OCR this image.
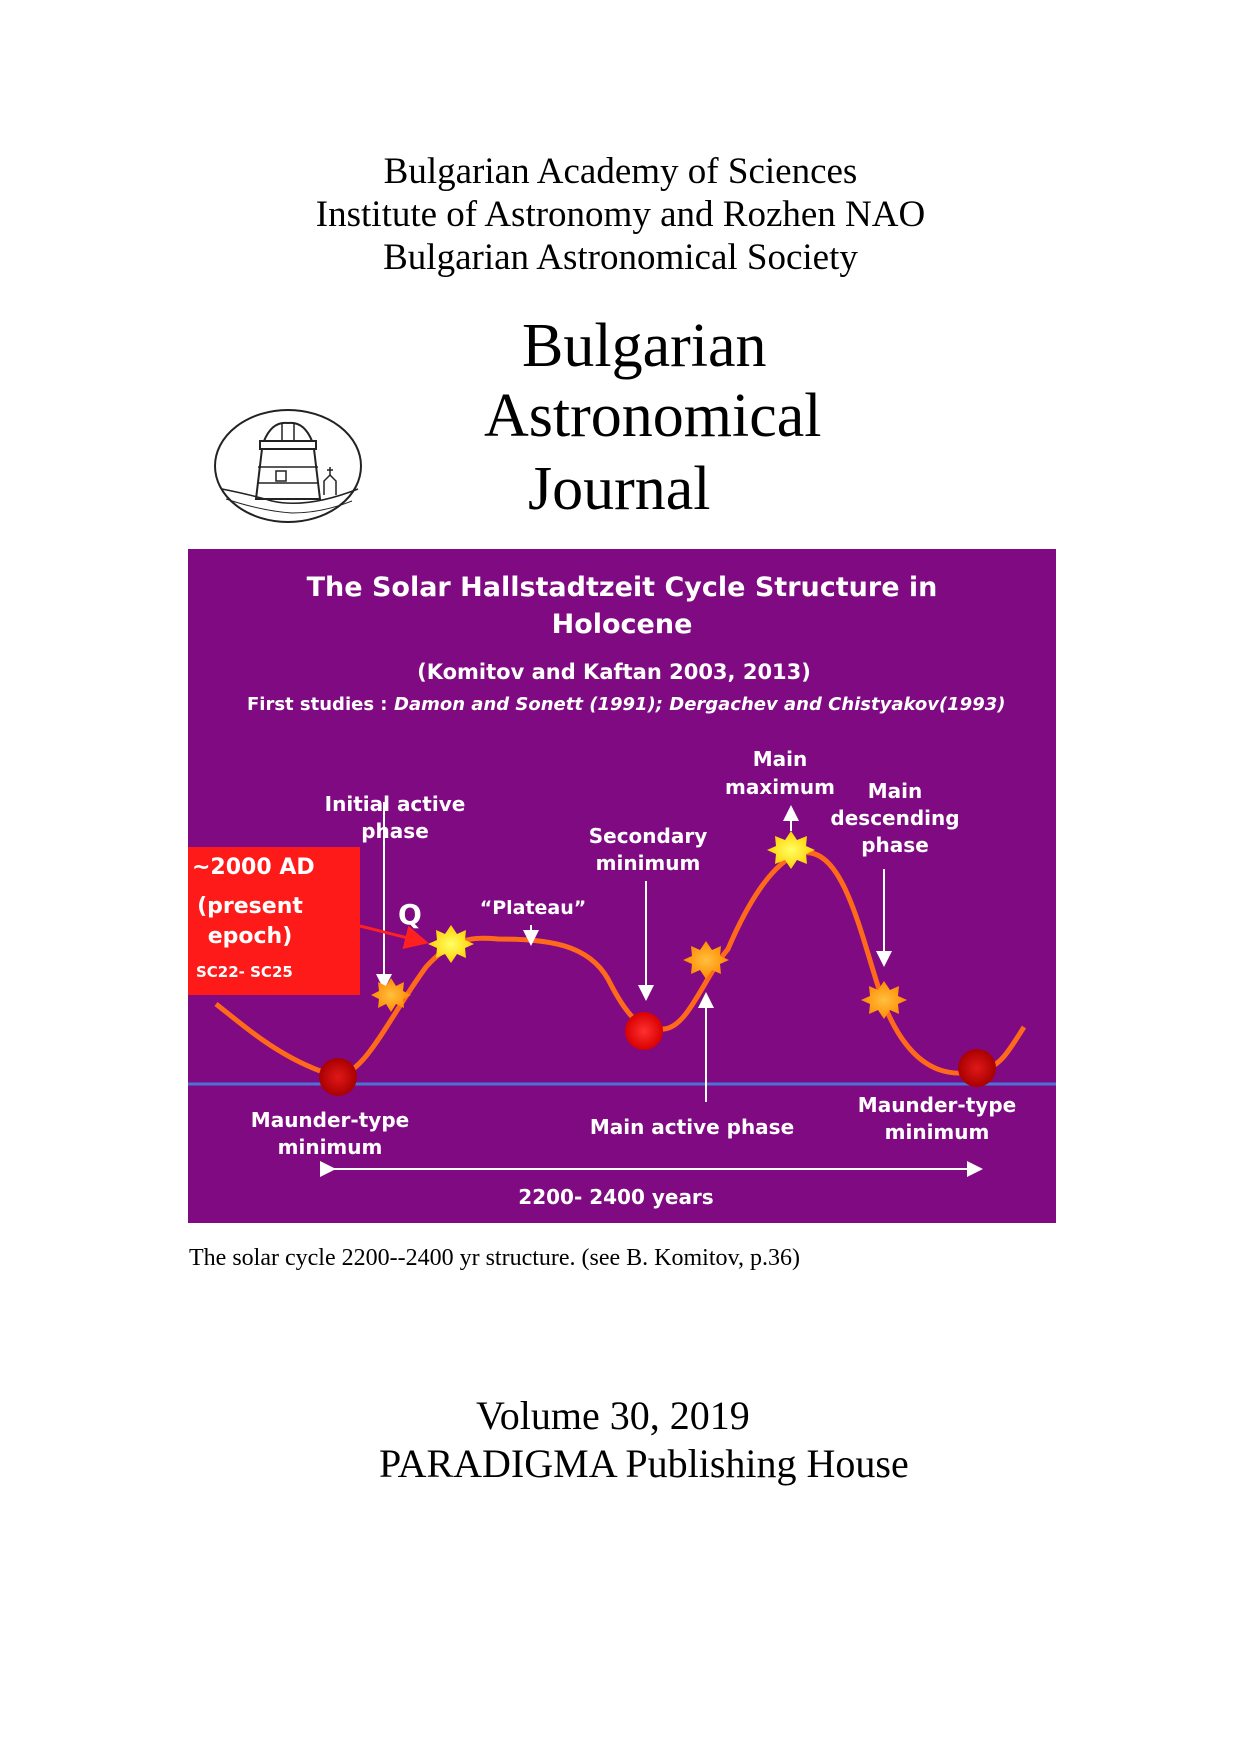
Bulgarian Academy of Sciences
Institute of Astronomy and Rozhen NAO
Bulgarian Astronomical Society
Bulgarian
Astronomical
Journal
The Solar Hallstadtzeit Cycle Structure in
Holocene
(Komitov and Kaftan 2003, 2013)
First studies : Damon and Sonett (1991); Dergachev and Chistyakov(1993)
~2000 AD
(present
epoch)
SC22- SC25
Q	“Plateau”
Initial active
phase	Secondary
minimum
Main
maximum Main
descending
phase
Maunder-type
minimum
Main active phase
Maunder-type
minimum
2200- 2400 years
The solar cycle 2200--2400 yr structure. (see B. Komitov, p.36)
Volume 30, 2019
PARADIGMA Publishing House
